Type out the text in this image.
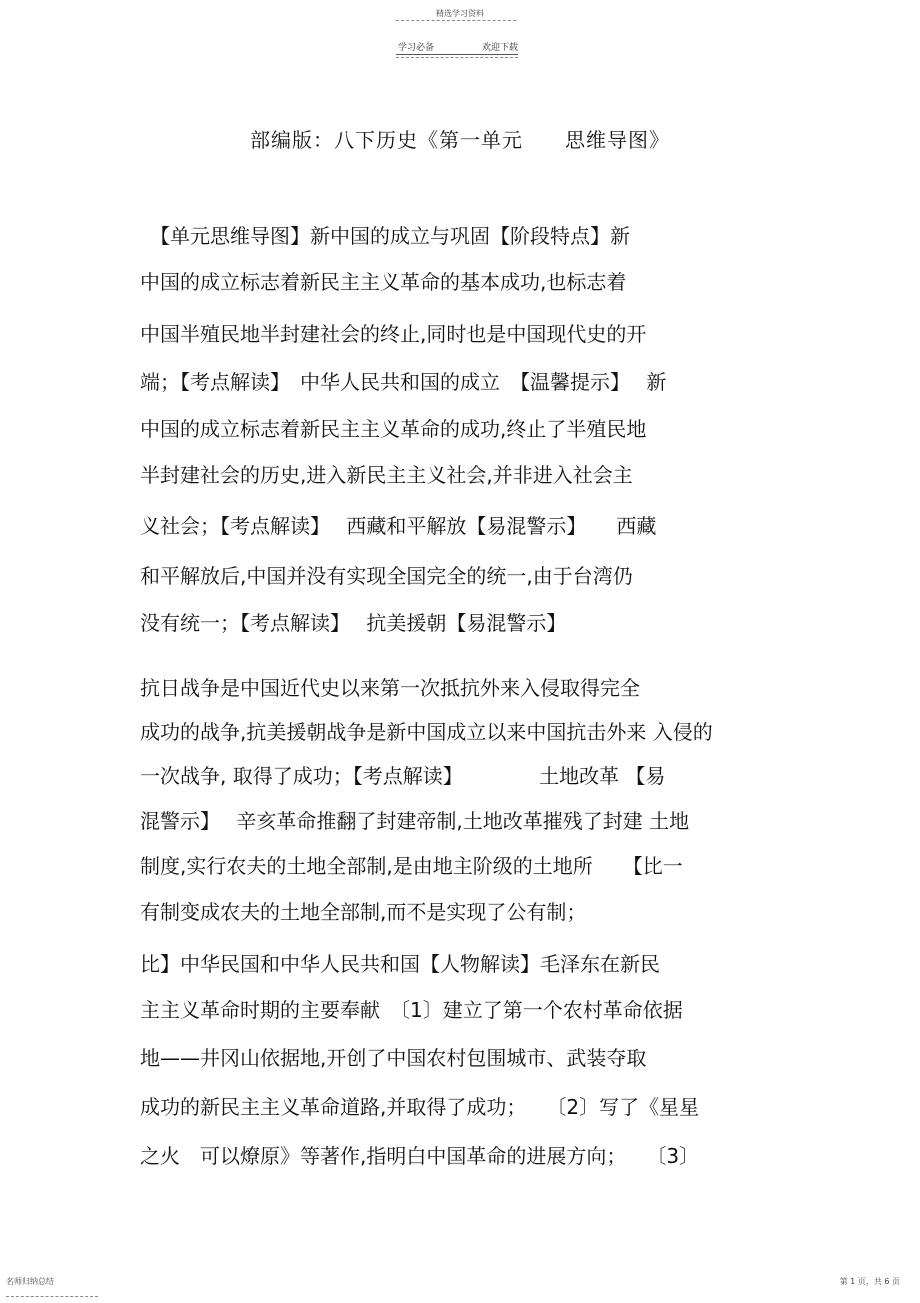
精选学习资料
学习必备	欢迎下载
部编版：八下历史《第一单元　　思维导图》
　【单元思维导图】新中国的成立与巩固【阶段特点】新
中国的成立标志着新民主主义革命的基本成功,也标志着
中国半殖民地半封建社会的终止,同时也是中国现代史的开
端；【考点解读】　中华人民共和国的成立　【温馨提示】　 新
中国的成立标志着新民主主义革命的成功,终止了半殖民地
半封建社会的历史,进入新民主主义社会,并非进入社会主
义社会；【考点解读】　 西藏和平解放【易混警示】　　西藏
和平解放后,中国并没有实现全国完全的统一,由于台湾仍
没有统一；【考点解读】　 抗美援朝【易混警示】
抗日战争是中国近代史以来第一次抵抗外来入侵取得完全
成功的战争,抗美援朝战争是新中国成立以来中国抗击外来 入侵的
一次战争, 取得了成功；【考点解读】　　　　 土地改革 【易
混警示】　 辛亥革命推翻了封建帝制,土地改革摧残了封建 土地
制度,实行农夫的土地全部制,是由地主阶级的土地所　　【比一
有制变成农夫的土地全部制,而不是实现了公有制；
比】中华民国和中华人民共和国【人物解读】毛泽东在新民
主主义革命时期的主要奉献　〔1〕建立了第一个农村革命依据
地——井冈山依据地,开创了中国农村包围城市、武装夺取
成功的新民主主义革命道路,并取得了成功；　　〔2〕写了《星星
之火　可以燎原》等著作,指明白中国革命的进展方向；　　〔3〕
名师归纳总结	第 1 页，共 6 页
